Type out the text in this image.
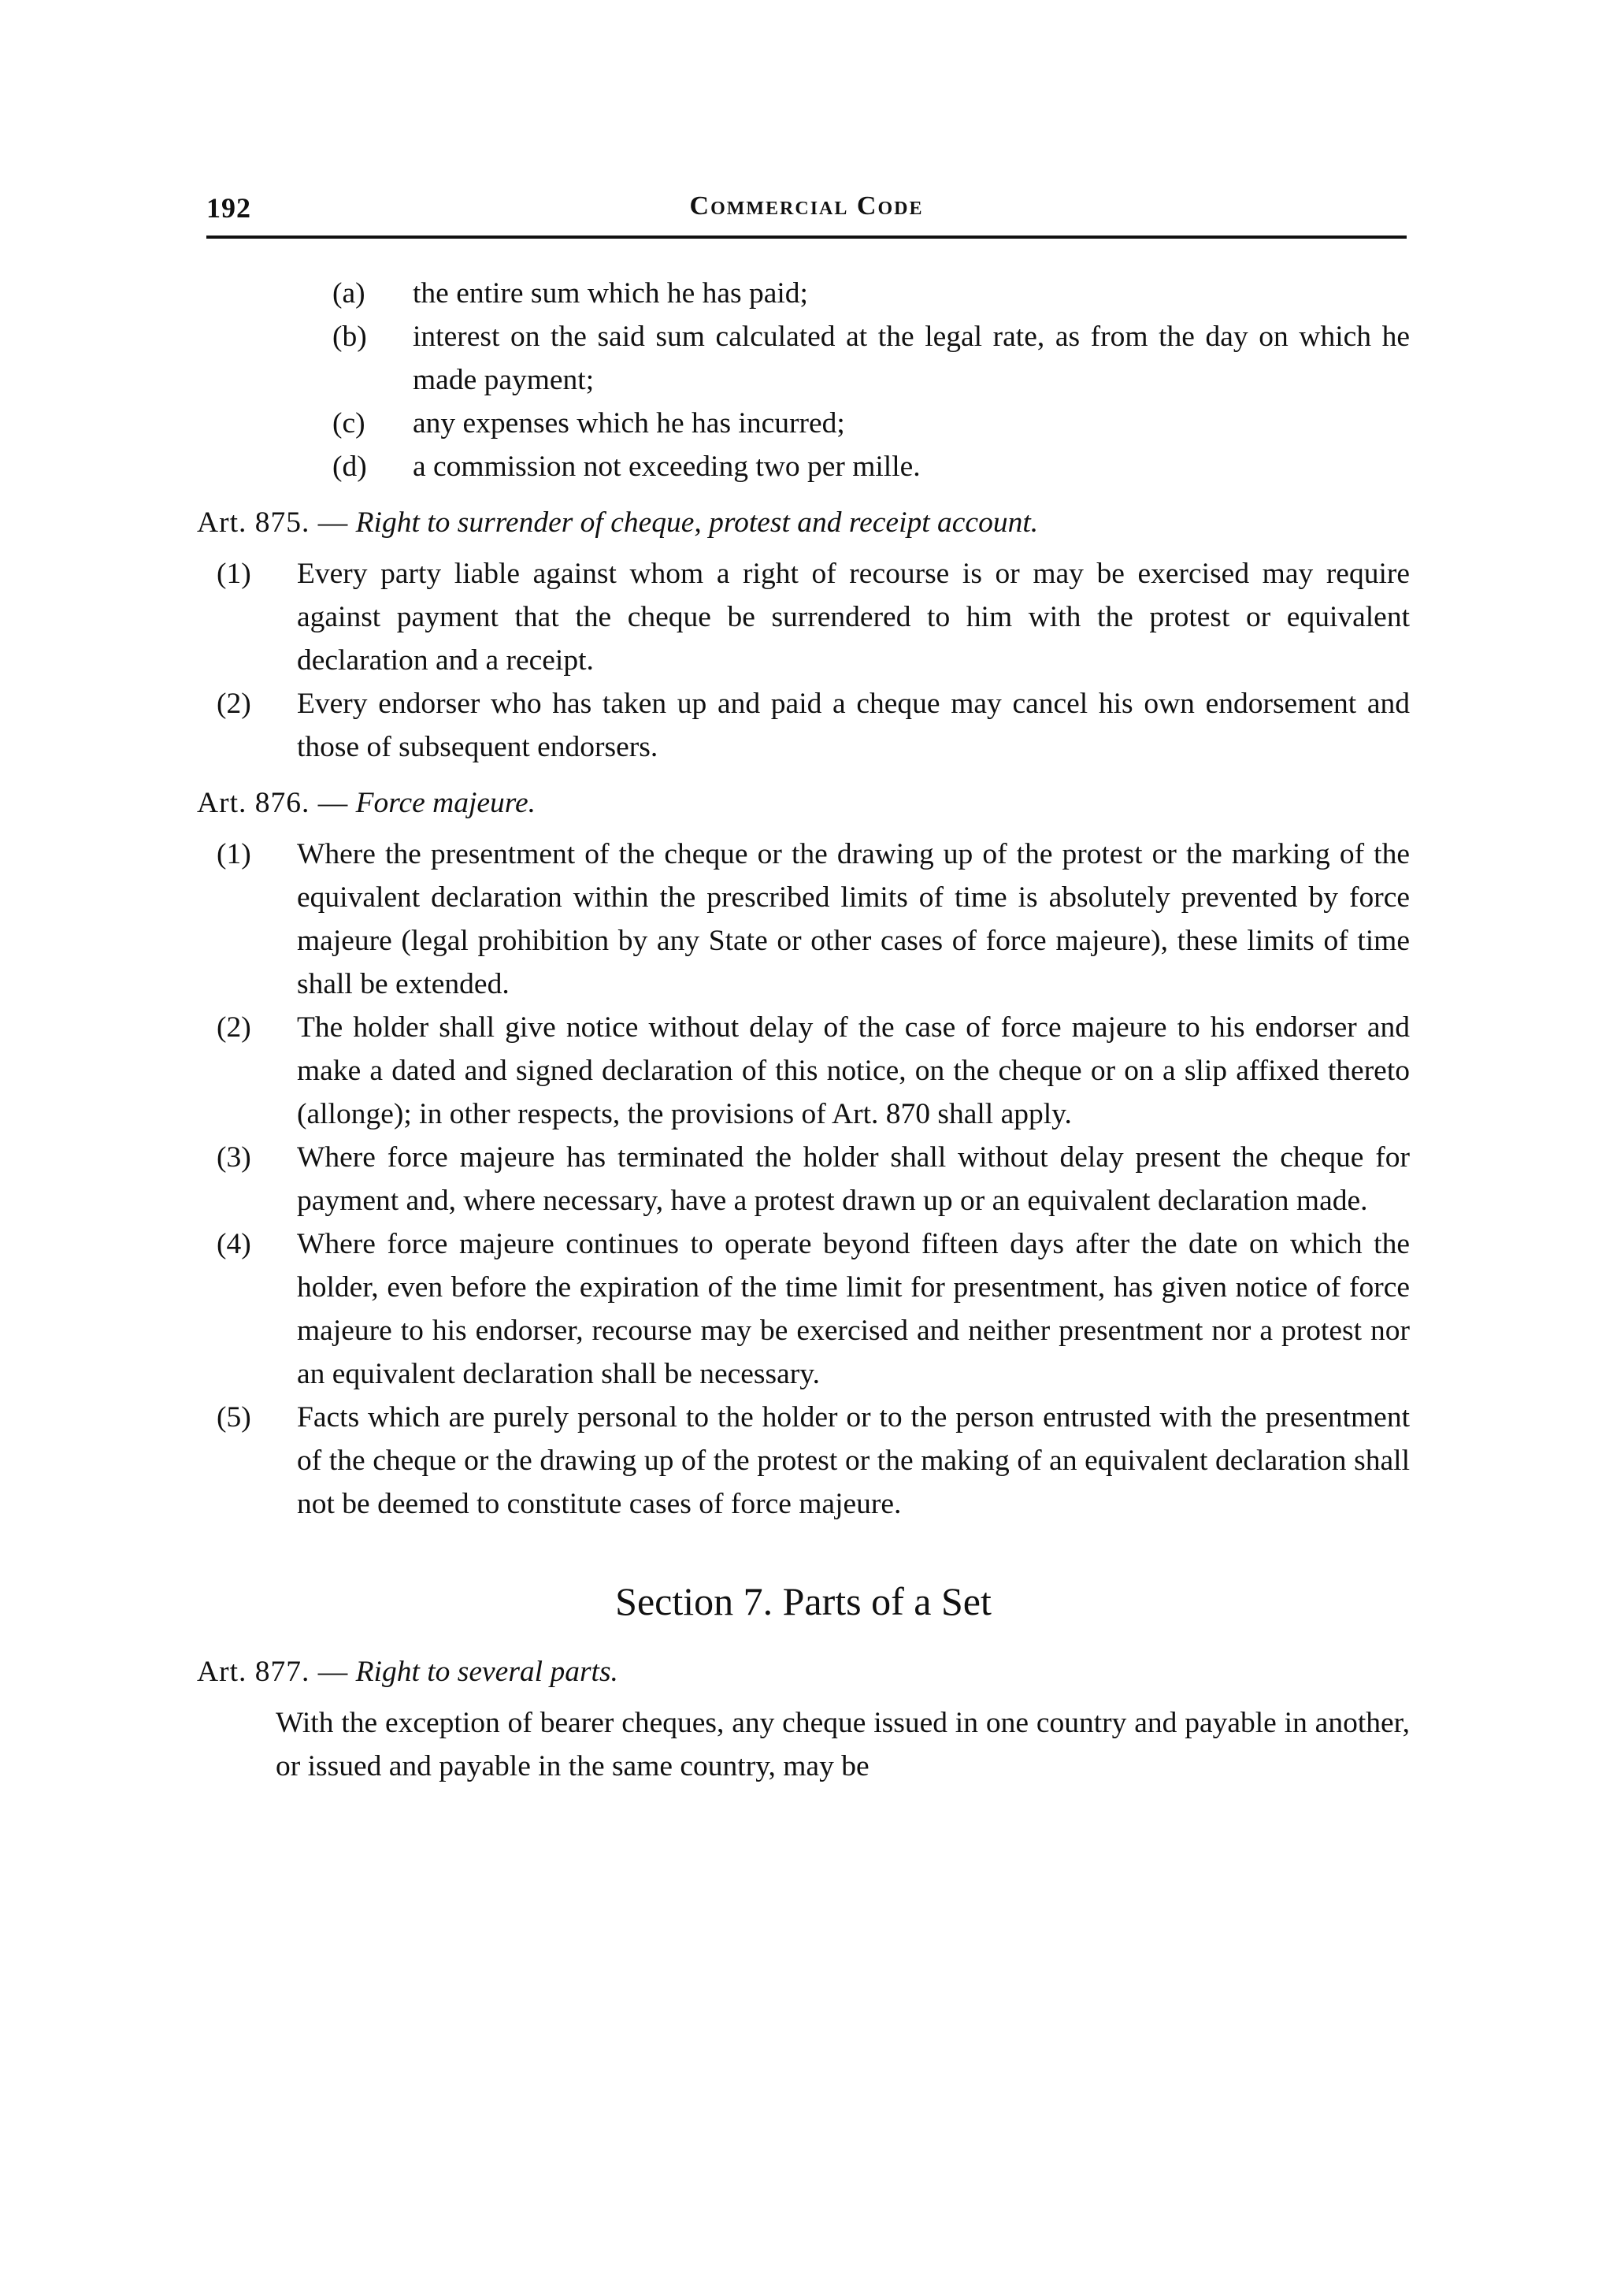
192	Commercial Code
(a)	the entire sum which he has paid;
(b)	interest on the said sum calculated at the legal rate, as from the day on which he made payment;
(c)	any expenses which he has incurred;
(d)	a commission not exceeding two per mille.
Art. 875. — Right to surrender of cheque, protest and receipt account.
(1)	Every party liable against whom a right of recourse is or may be exercised may require against payment that the cheque be surrendered to him with the protest or equivalent declaration and a receipt.
(2)	Every endorser who has taken up and paid a cheque may cancel his own endorsement and those of subsequent endorsers.
Art. 876. — Force majeure.
(1)	Where the presentment of the cheque or the drawing up of the protest or the marking of the equivalent declaration within the prescribed limits of time is absolutely prevented by force majeure (legal prohibition by any State or other cases of force majeure), these limits of time shall be extended.
(2)	The holder shall give notice without delay of the case of force majeure to his endorser and make a dated and signed declaration of this notice, on the cheque or on a slip affixed thereto (allonge); in other respects, the provisions of Art. 870 shall apply.
(3)	Where force majeure has terminated the holder shall without delay present the cheque for payment and, where necessary, have a protest drawn up or an equivalent declaration made.
(4)	Where force majeure continues to operate beyond fifteen days after the date on which the holder, even before the expiration of the time limit for presentment, has given notice of force majeure to his endorser, recourse may be exercised and neither presentment nor a protest nor an equivalent declaration shall be necessary.
(5)	Facts which are purely personal to the holder or to the person entrusted with the presentment of the cheque or the drawing up of the protest or the making of an equivalent declaration shall not be deemed to constitute cases of force majeure.
Section 7. Parts of a Set
Art. 877. — Right to several parts.
With the exception of bearer cheques, any cheque issued in one country and payable in another, or issued and payable in the same country, may be
